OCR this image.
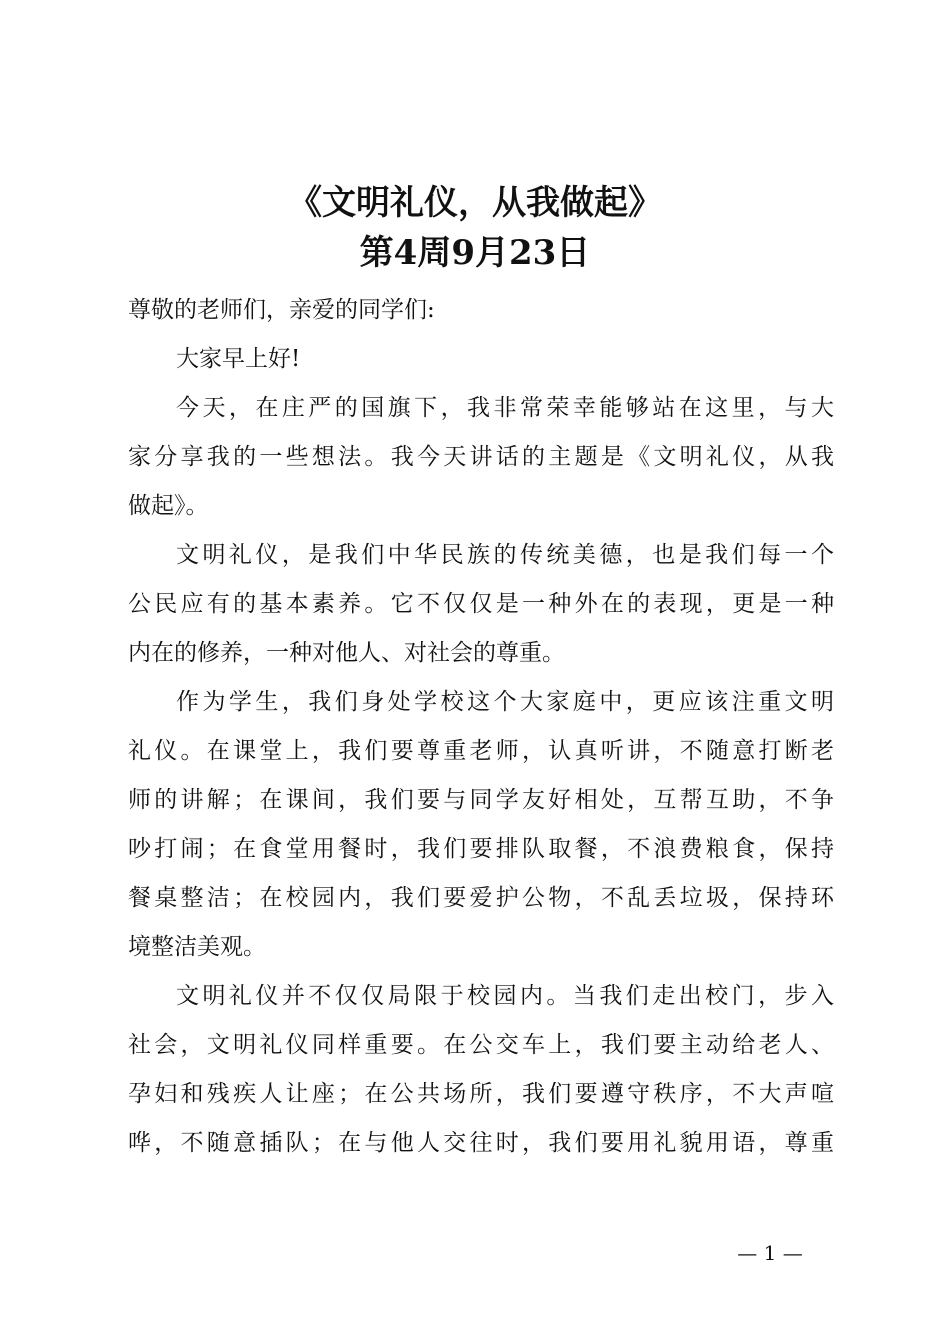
《文明礼仪，从我做起》
第4周9月23日
尊敬的老师们，亲爱的同学们:
大家早上好!
今天，在庄严的国旗下，我非常荣幸能够站在这里，与大
家分享我的一些想法。我今天讲话的主题是《文明礼仪，从我
做起》。
文明礼仪，是我们中华民族的传统美德，也是我们每一个
公民应有的基本素养。它不仅仅是一种外在的表现，更是一种
内在的修养，一种对他人、对社会的尊重。
作为学生，我们身处学校这个大家庭中，更应该注重文明
礼仪。在课堂上，我们要尊重老师，认真听讲，不随意打断老
师的讲解；在课间，我们要与同学友好相处，互帮互助，不争
吵打闹；在食堂用餐时，我们要排队取餐，不浪费粮食，保持
餐桌整洁；在校园内，我们要爱护公物，不乱丢垃圾，保持环
境整洁美观。
文明礼仪并不仅仅局限于校园内。当我们走出校门，步入
社会，文明礼仪同样重要。在公交车上，我们要主动给老人、
孕妇和残疾人让座；在公共场所，我们要遵守秩序，不大声喧
哗，不随意插队；在与他人交往时，我们要用礼貌用语，尊重
— 1 —
